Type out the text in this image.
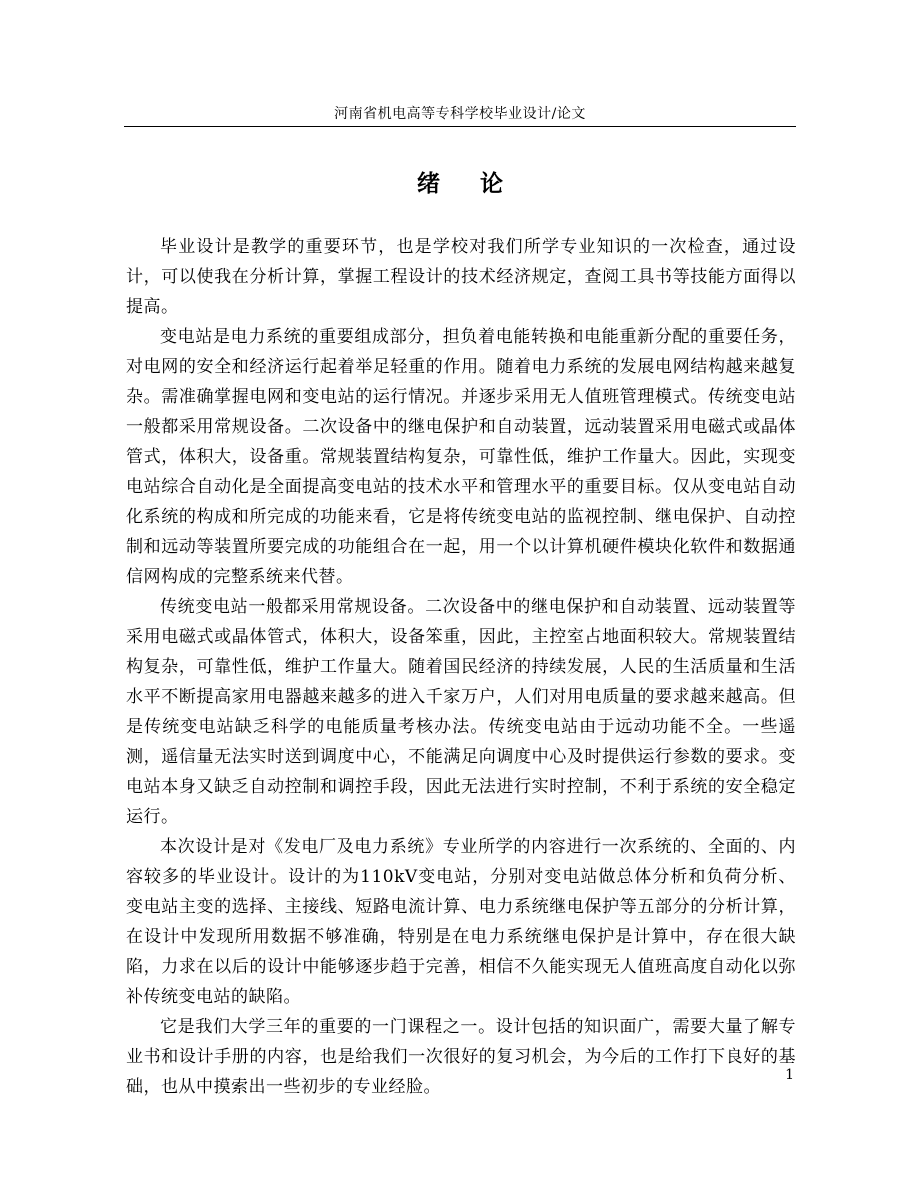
河南省机电高等专科学校毕业设计/论文
绪论

毕业设计是教学的重要环节，也是学校对我们所学专业知识的一次检查，通过设计，可以使我在分析计算，掌握工程设计的技术经济规定，查阅工具书等技能方面得以提高。

变电站是电力系统的重要组成部分，担负着电能转换和电能重新分配的重要任务，对电网的安全和经济运行起着举足轻重的作用。随着电力系统的发展电网结构越来越复杂。需准确掌握电网和变电站的运行情况。并逐步采用无人值班管理模式。传统变电站一般都采用常规设备。二次设备中的继电保护和自动装置，远动装置采用电磁式或晶体管式，体积大，设备重。常规装置结构复杂，可靠性低，维护工作量大。因此，实现变电站综合自动化是全面提高变电站的技术水平和管理水平的重要目标。仅从变电站自动化系统的构成和所完成的功能来看，它是将传统变电站的监视控制、继电保护、自动控制和远动等装置所要完成的功能组合在一起，用一个以计算机硬件模块化软件和数据通信网构成的完整系统来代替。

传统变电站一般都采用常规设备。二次设备中的继电保护和自动装置、远动装置等采用电磁式或晶体管式，体积大，设备笨重，因此，主控室占地面积较大。常规装置结构复杂，可靠性低，维护工作量大。随着国民经济的持续发展，人民的生活质量和生活水平不断提高家用电器越来越多的进入千家万户，人们对用电质量的要求越来越高。但是传统变电站缺乏科学的电能质量考核办法。传统变电站由于远动功能不全。一些遥测，遥信量无法实时送到调度中心，不能满足向调度中心及时提供运行参数的要求。变电站本身又缺乏自动控制和调控手段，因此无法进行实时控制，不利于系统的安全稳定运行。

本次设计是对《发电厂及电力系统》专业所学的内容进行一次系统的、全面的、内容较多的毕业设计。设计的为110kV变电站，分别对变电站做总体分析和负荷分析、变电站主变的选择、主接线、短路电流计算、电力系统继电保护等五部分的分析计算，在设计中发现所用数据不够准确，特别是在电力系统继电保护是计算中，存在很大缺陷，力求在以后的设计中能够逐步趋于完善，相信不久能实现无人值班高度自动化以弥补传统变电站的缺陷。

它是我们大学三年的重要的一门课程之一。设计包括的知识面广，需要大量了解专业书和设计手册的内容，也是给我们一次很好的复习机会，为今后的工作打下良好的基础，也从中摸索出一些初步的专业经脸。

1
